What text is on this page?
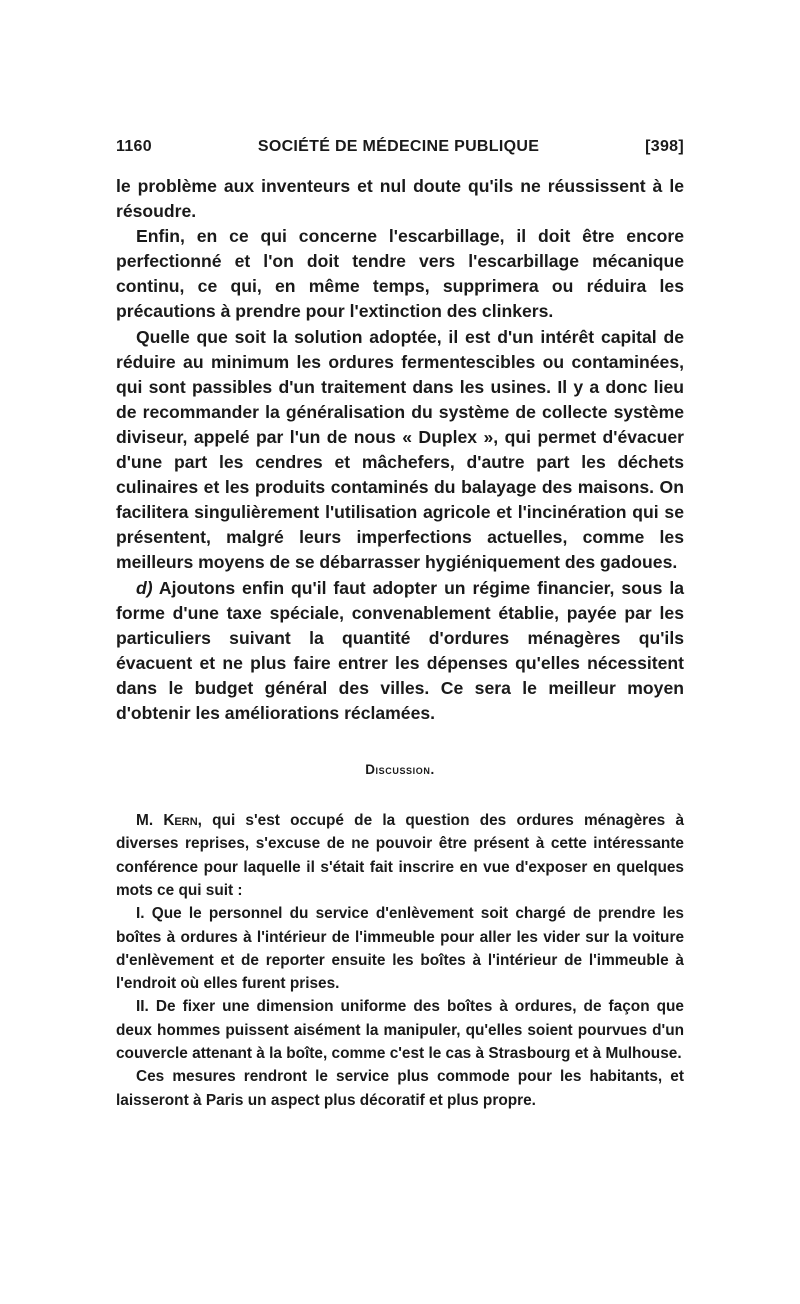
1160	SOCIÉTÉ DE MÉDECINE PUBLIQUE	[398]

le problème aux inventeurs et nul doute qu'ils ne réussissent à le résoudre.

Enfin, en ce qui concerne l'escarbillage, il doit être encore perfectionné et l'on doit tendre vers l'escarbillage mécanique continu, ce qui, en même temps, supprimera ou réduira les précautions à prendre pour l'extinction des clinkers.

Quelle que soit la solution adoptée, il est d'un intérêt capital de réduire au minimum les ordures fermentescibles ou contaminées, qui sont passibles d'un traitement dans les usines. Il y a donc lieu de recommander la généralisation du système de collecte système diviseur, appelé par l'un de nous « Duplex », qui permet d'évacuer d'une part les cendres et mâchefers, d'autre part les déchets culinaires et les produits contaminés du balayage des maisons. On facilitera singulièrement l'utilisation agricole et l'incinération qui se présentent, malgré leurs imperfections actuelles, comme les meilleurs moyens de se débarrasser hygiéniquement des gadoues.

d) Ajoutons enfin qu'il faut adopter un régime financier, sous la forme d'une taxe spéciale, convenablement établie, payée par les particuliers suivant la quantité d'ordures ménagères qu'ils évacuent et ne plus faire entrer les dépenses qu'elles nécessitent dans le budget général des villes. Ce sera le meilleur moyen d'obtenir les améliorations réclamées.

Discussion.

M. Kern, qui s'est occupé de la question des ordures ménagères à diverses reprises, s'excuse de ne pouvoir être présent à cette intéressante conférence pour laquelle il s'était fait inscrire en vue d'exposer en quelques mots ce qui suit :

I. Que le personnel du service d'enlèvement soit chargé de prendre les boîtes à ordures à l'intérieur de l'immeuble pour aller les vider sur la voiture d'enlèvement et de reporter ensuite les boîtes à l'intérieur de l'immeuble à l'endroit où elles furent prises.

II. De fixer une dimension uniforme des boîtes à ordures, de façon que deux hommes puissent aisément la manipuler, qu'elles soient pourvues d'un couvercle attenant à la boîte, comme c'est le cas à Strasbourg et à Mulhouse.

Ces mesures rendront le service plus commode pour les habitants, et laisseront à Paris un aspect plus décoratif et plus propre.
